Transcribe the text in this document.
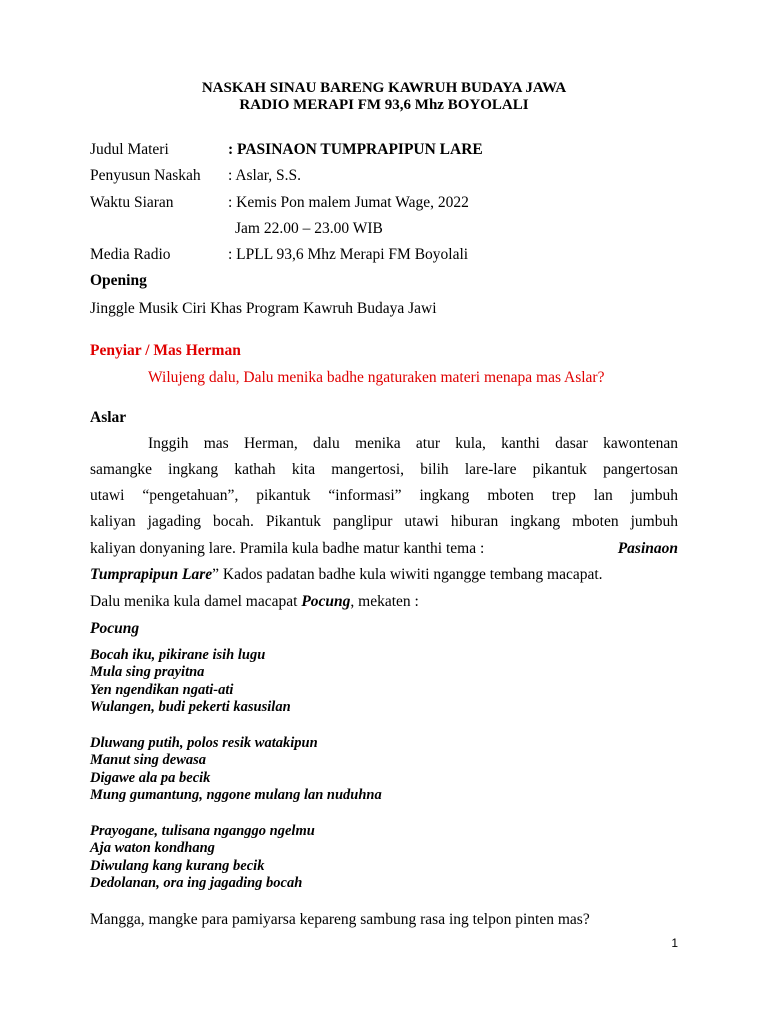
NASKAH SINAU BARENG KAWRUH BUDAYA JAWA
RADIO MERAPI FM 93,6 Mhz BOYOLALI
Judul Materi	: PASINAON TUMPRAPIPUN LARE
Penyusun Naskah : Aslar, S.S.
Waktu Siaran	: Kemis Pon malem Jumat Wage, 2022
Jam 22.00 – 23.00 WIB
Media Radio	: LPLL 93,6 Mhz Merapi FM Boyolali
Opening
Jinggle Musik Ciri Khas Program Kawruh Budaya Jawi
Penyiar / Mas Herman
Wilujeng dalu, Dalu menika badhe ngaturaken materi menapa mas Aslar?
Aslar
Inggih mas Herman, dalu menika atur kula, kanthi dasar kawontenan
samangke ingkang kathah kita mangertosi, bilih lare-lare pikantuk pangertosan
utawi “pengetahuan”, pikantuk “informasi” ingkang mboten trep lan jumbuh
kaliyan jagading bocah. Pikantuk panglipur utawi hiburan ingkang mboten jumbuh
kaliyan donyaning lare. Pramila kula badhe matur kanthi tema :	Pasinaon
Tumprapipun Lare” Kados padatan badhe kula wiwiti ngangge tembang macapat.
Dalu menika kula damel macapat Pocung, mekaten :
Pocung
Bocah iku, pikirane isih lugu
Mula sing prayitna
Yen ngendikan ngati-ati
Wulangen, budi pekerti kasusilan
Dluwang putih, polos resik watakipun
Manut sing dewasa
Digawe ala pa becik
Mung gumantung, nggone mulang lan nuduhna
Prayogane, tulisana nganggo ngelmu
Aja waton kondhang
Diwulang kang kurang becik
Dedolanan, ora ing jagading bocah
Mangga, mangke para pamiyarsa kepareng sambung rasa ing telpon pinten mas?
1
